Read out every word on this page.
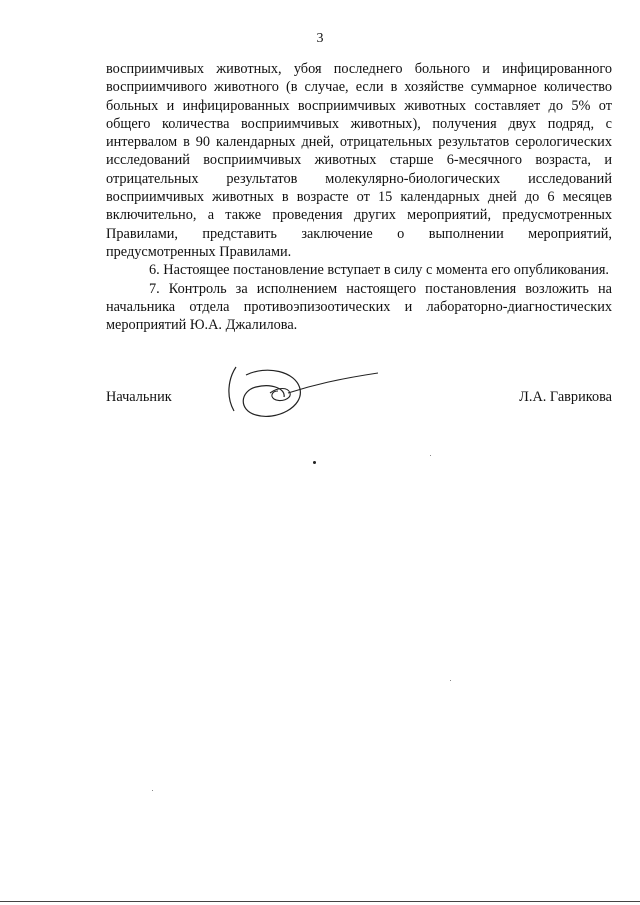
3

восприимчивых животных, убоя последнего больного и инфицированного восприимчивого животного (в случае, если в хозяйстве суммарное количество больных и инфицированных восприимчивых животных составляет до 5% от общего количества восприимчивых животных), получения двух подряд, с интервалом в 90 календарных дней, отрицательных результатов серологических исследований восприимчивых животных старше 6-месячного возраста, и отрицательных результатов молекулярно-биологических исследований восприимчивых животных в возрасте от 15 календарных дней до 6 месяцев включительно, а также проведения других мероприятий, предусмотренных Правилами, представить заключение о выполнении мероприятий, предусмотренных Правилами.

6. Настоящее постановление вступает в силу с момента его опубликования.

7. Контроль за исполнением настоящего постановления возложить на начальника отдела противоэпизоотических и лабораторно-диагностических мероприятий Ю.А. Джалилова.

Начальник	Л.А. Гаврикова
